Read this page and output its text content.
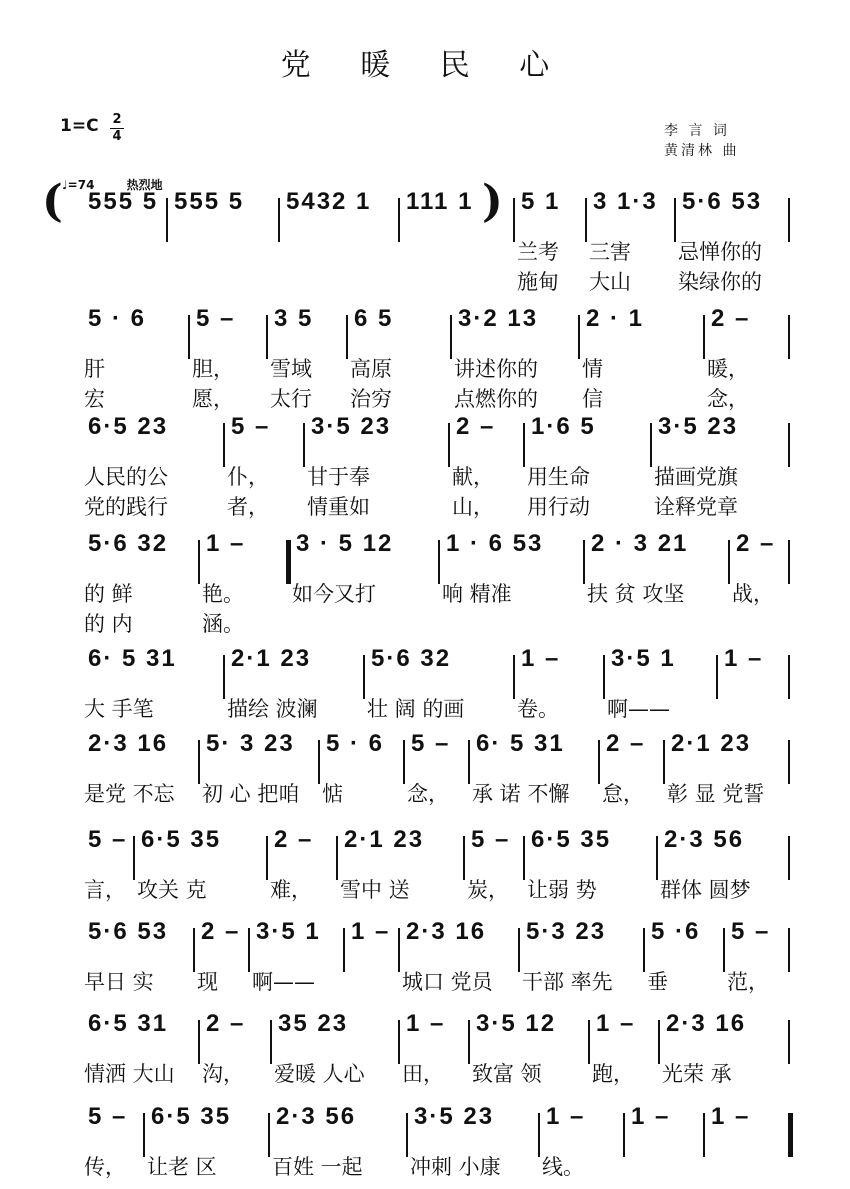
党 暖 民 心
1=C 2
4	李 言 词
黄清林 曲
♩=74	热烈地
555 5 555 5	5432 1	111 1	5 1	3 1·3	5·6 53
(	)
兰考 三害 忌惮你的
施甸 大山 染绿你的
5 · 6	5 –	3 5	6 5	3·2 13	2 · 1	2 –
肝	胆， 雪域 高原	讲述你的 情	暖，
宏	愿， 太行 治穷	点燃你的 信	念，
6·5 23	5 –	3·5 23	2 –	1·6 5	3·5 23
人民的公	仆， 甘于奉	献， 用生命	描画党旗
党的践行	者， 情重如	山， 用行动	诠释党章
5·6 32	1 –	3 · 5 12	1 · 6 53	2 · 3 21	2 –
的 鲜	艳。 如今又打	响 精准	扶 贫 攻坚 战，
的 内	涵。
6· 5 31	2·1 23	5·6 32	1 –	3·5 1	1 –
大 手笔	描绘 波澜 壮 阔 的画	卷。 啊——
2·3 16	5· 3 23	5 · 6	5 –	6· 5 31	2 –	2·1 23
是党 不忘 初 心 把咱 惦	念， 承 诺 不懈 怠， 彰 显 党誓
5 – 6·5 35	2 –	2·1 23	5 – 6·5 35	2·3 56
言， 攻关 克	难， 雪中 送	炭， 让弱 势	群体 圆梦
5·6 53	2 – 3·5 1	1 – 2·3 16	5·3 23	5 ·6	5 –
早日 实 现 啊——	城口 党员 干部 率先 垂	范，
6·5 31	2 –	35 23	1 –	3·5 12	1 –	2·3 16
情洒 大山 沟， 爱暖 人心 田， 致富 领 跑， 光荣 承
5 – 6·5 35	2·3 56	3·5 23	1 –	1 –	1 –
传， 让老 区	百姓 一起 冲刺 小康 线。
